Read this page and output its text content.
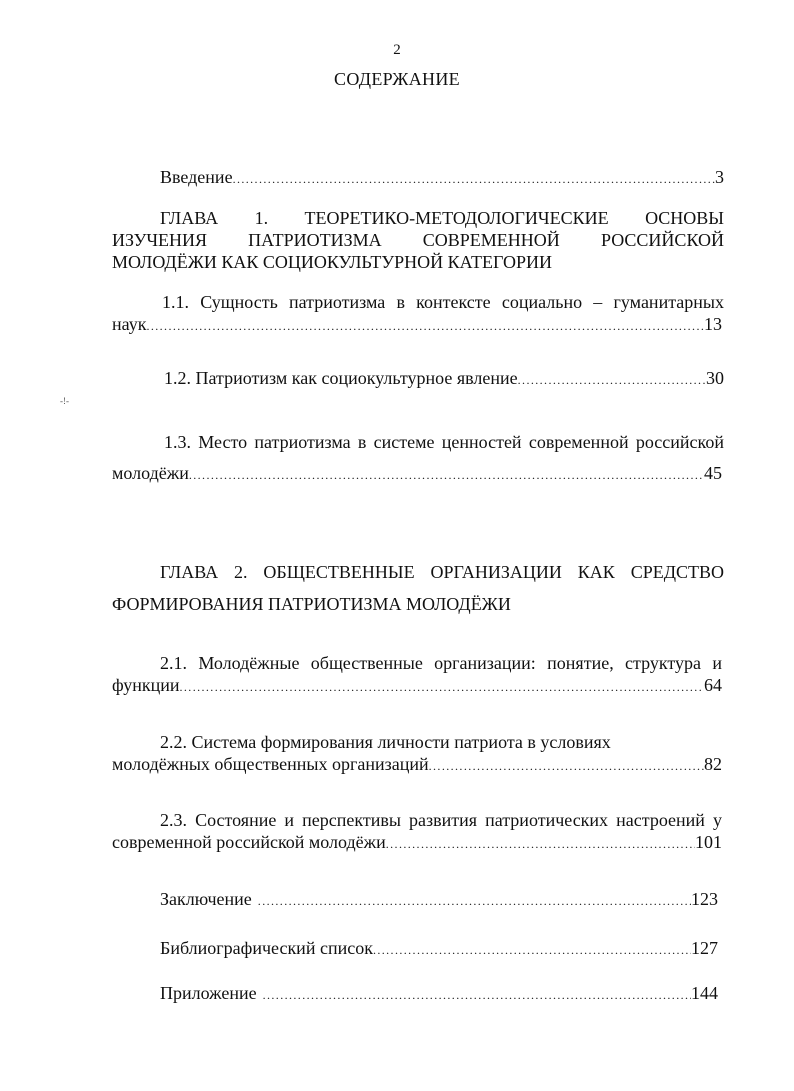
2
СОДЕРЖАНИЕ
Введение .....	3
ГЛАВА 1. ТЕОРЕТИКО-МЕТОДОЛОГИЧЕСКИЕ ОСНОВЫ
ИЗУЧЕНИЯ ПАТРИОТИЗМА СОВРЕМЕННОЙ РОССИЙСКОЙ
МОЛОДЁЖИ КАК СОЦИОКУЛЬТУРНОЙ КАТЕГОРИИ
1.1. Сущность патриотизма в контексте социально – гуманитарных
наук .....	13
1.2. Патриотизм как социокультурное явление .....	30
-!-
1.3. Место патриотизма в системе ценностей современной российской
молодёжи .....	45
ГЛАВА 2. ОБЩЕСТВЕННЫЕ ОРГАНИЗАЦИИ КАК СРЕДСТВО
ФОРМИРОВАНИЯ ПАТРИОТИЗМА МОЛОДЁЖИ
2.1. Молодёжные общественные организации: понятие, структура и
функции .....	64
2.2. Система формирования личности патриота в условиях
молодёжных общественных организаций .....	82
2.3. Состояние и перспективы развития патриотических настроений у
современной российской молодёжи .....	101
Заключение .....	123
Библиографический список .....	127
Приложение .....	144
